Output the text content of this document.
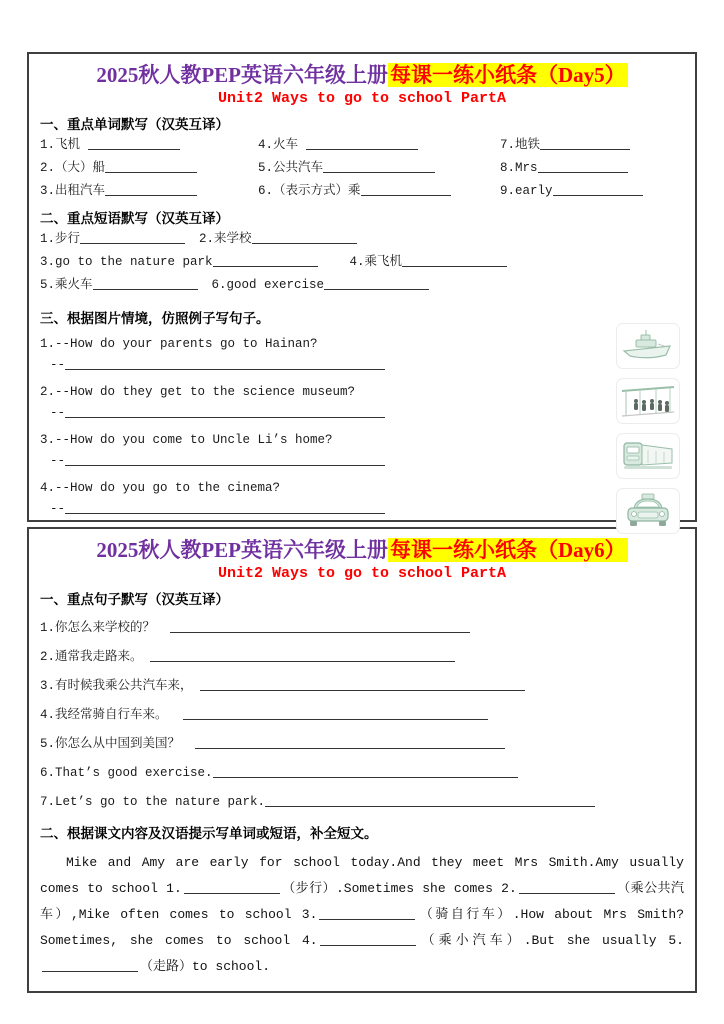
2025秋人教PEP英语六年级上册每课一练小纸条（Day5）
Unit2 Ways to go to school PartA
一、重点单词默写（汉英互译）
1.飞机	4.火车	7.地铁
2.（大）船	5.公共汽车	8.Mrs
3.出租汽车	6.（表示方式）乘	9.early
二、重点短语默写（汉英互译）
1.步行	2.来学校
3.go to the nature park	4.乘飞机
5.乘火车	6.good exercise
三、根据图片情境，仿照例子写句子。
1.--How do your parents go to Hainan?
--
2.--How do they get to the science museum?
--
3.--How do you come to Uncle Li’s home?
--
4.--How do you go to the cinema?
--
2025秋人教PEP英语六年级上册每课一练小纸条（Day6）
Unit2 Ways to go to school PartA
一、重点句子默写（汉英互译）
1.你怎么来学校的？
2.通常我走路来。
3.有时候我乘公共汽车来，
4.我经常骑自行车来。
5.你怎么从中国到美国？
6.That’s good exercise.
7.Let’s go to the nature park.
二、根据课文内容及汉语提示写单词或短语，补全短文。
Mike and Amy are early for school today.And they meet Mrs Smith.Amy usually comes to school 1.	（步行）.Sometimes she comes 2.	（乘公共汽车）,Mike often comes to school 3.	（骑自行车）.How about Mrs Smith? Sometimes, she comes to school 4.	（乘小汽车）.But she usually 5.（走路）to school.
